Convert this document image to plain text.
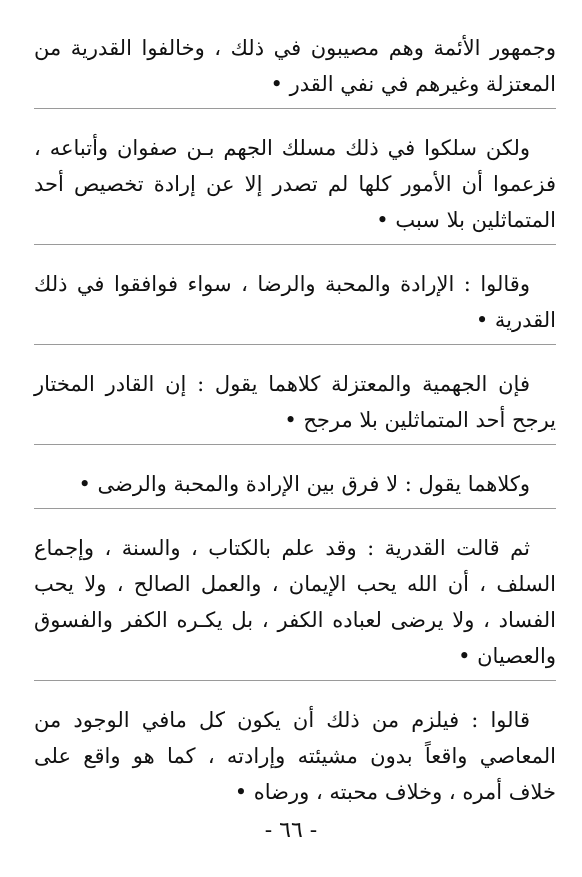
وجمهور الأئمة وهم مصيبون في ذلك ، وخالفوا القدرية من المعتزلة وغيرهم في نفي القدر •

ولكن سلكوا في ذلك مسلك الجهم بـن صفوان وأتباعه ، فزعموا أن الأمور كلها لم تصدر إلا عن إرادة تخصيص أحد المتماثلين بلا سبب •

وقالوا : الإرادة والمحبة والرضا ، سواء فوافقوا في ذلك القدرية •

فإن الجهمية والمعتزلة كلاهما يقول : إن القادر المختار يرجح أحد المتماثلين بلا مرجح •

وكلاهما يقول : لا فرق بين الإرادة والمحبة والرضى •

ثم قالت القدرية : وقد علم بالكتاب ، والسنة ، وإجماع السلف ، أن الله يحب الإيمان ، والعمل الصالح ، ولا يحب الفساد ، ولا يرضى لعباده الكفر ، بل يكـره الكفر والفسوق والعصيان •

قالوا : فيلزم من ذلك أن يكون كل مافي الوجود من المعاصي واقعاً بدون مشيئته وإرادته ، كما هو واقع على خلاف أمره ، وخلاف محبته ، ورضاه •

- ٦٦ -
